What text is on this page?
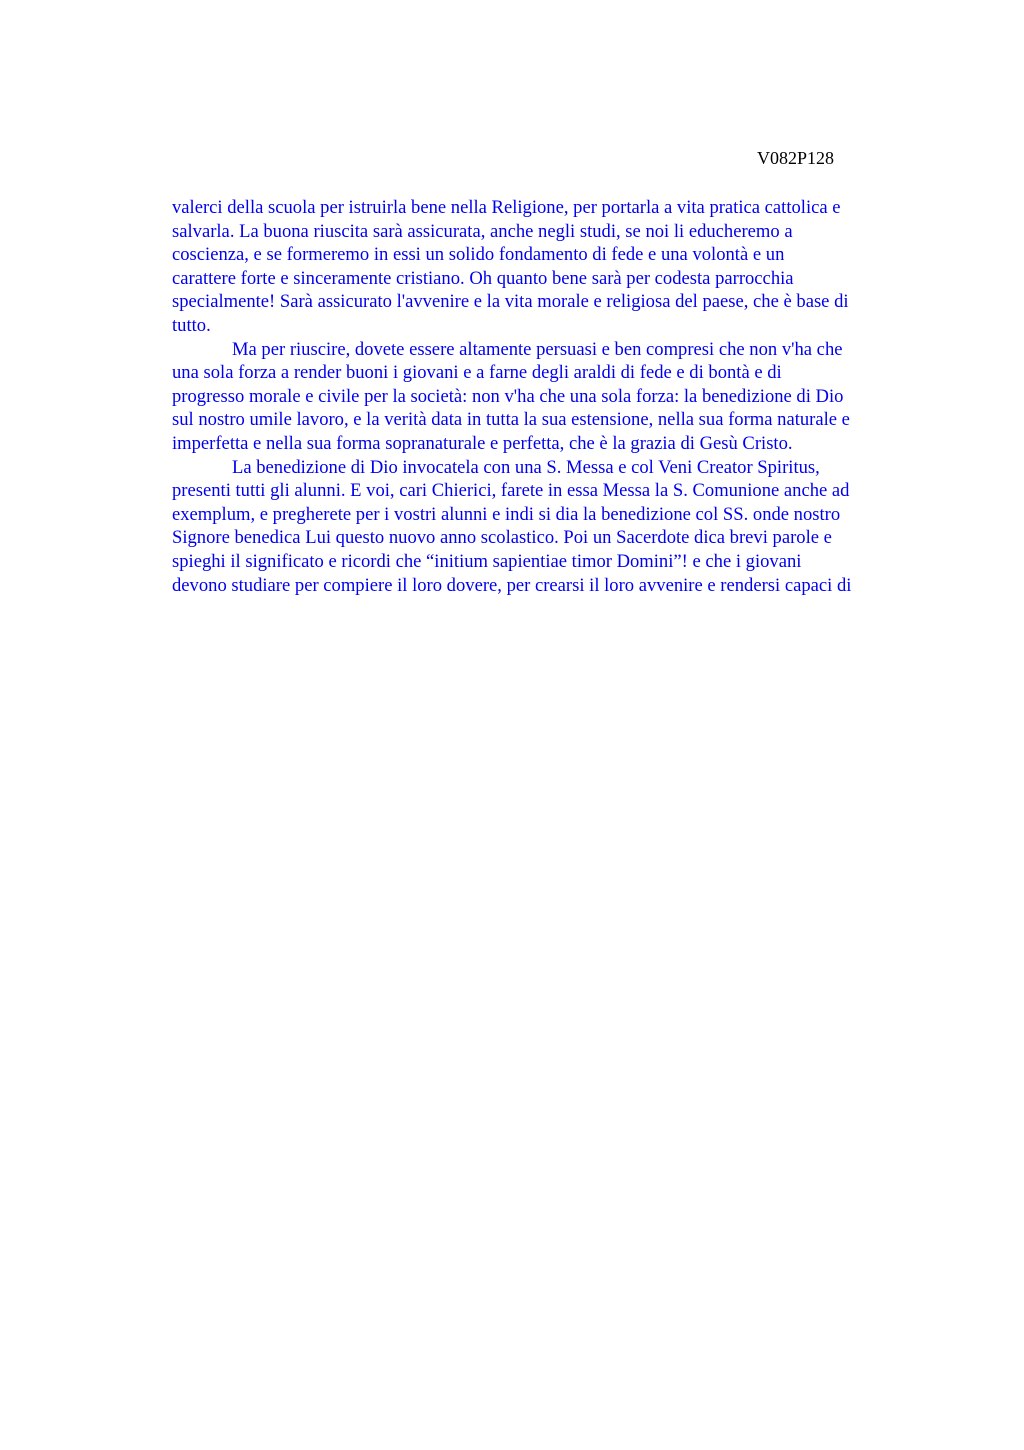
V082P128
valerci della scuola per istruirla bene nella Religione, per portarla a vita pratica cattolica e
salvarla. La buona riuscita sarà assicurata, anche negli studi, se noi li educheremo a
coscienza, e se formeremo in essi un solido fondamento di fede e una volontà e un
carattere forte e sinceramente cristiano. Oh quanto bene sarà per codesta parrocchia
specialmente! Sarà assicurato l'avvenire e la vita morale e religiosa del paese, che è base di
tutto.
Ma per riuscire, dovete essere altamente persuasi e ben compresi che non v'ha che
una sola forza a render buoni i giovani e a farne degli araldi di fede e di bontà e di
progresso morale e civile per la società: non v'ha che una sola forza: la benedizione di Dio
sul nostro umile lavoro, e la verità data in tutta la sua estensione, nella sua forma naturale e
imperfetta e nella sua forma sopranaturale e perfetta, che è la grazia di Gesù Cristo.
La benedizione di Dio invocatela con una S. Messa e col Veni Creator Spiritus,
presenti tutti gli alunni. E voi, cari Chierici, farete in essa Messa la S. Comunione anche ad
exemplum, e pregherete per i vostri alunni e indi si dia la benedizione col SS. onde nostro
Signore benedica Lui questo nuovo anno scolastico. Poi un Sacerdote dica brevi parole e
spieghi il significato e ricordi che “initium sapientiae timor Domini”! e che i giovani
devono studiare per compiere il loro dovere, per crearsi il loro avvenire e rendersi capaci di
